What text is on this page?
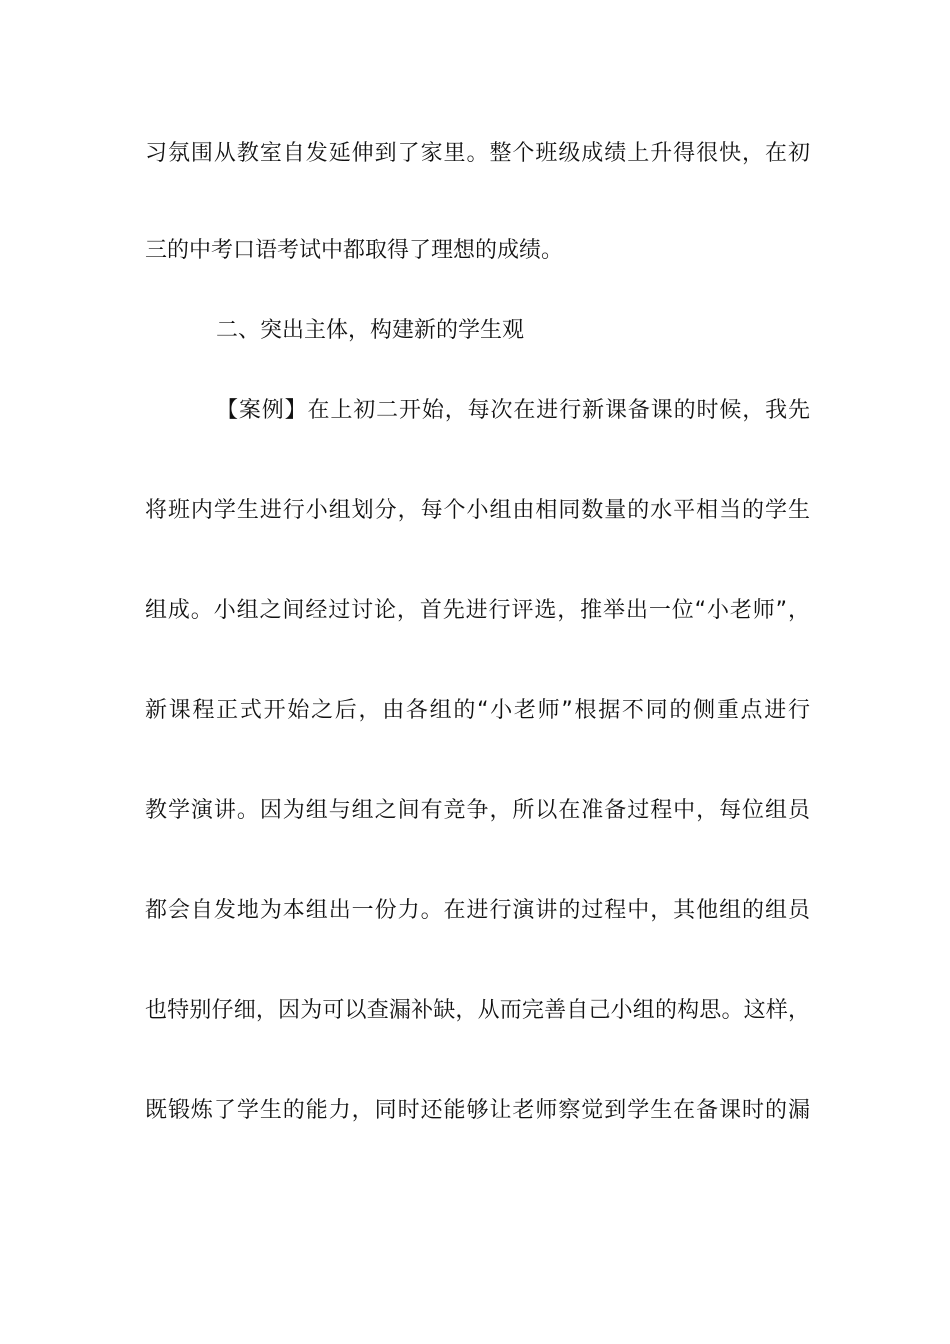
习氛围从教室自发延伸到了家里。整个班级成绩上升得很快，在初
三的中考口语考试中都取得了理想的成绩。
二、突出主体，构建新的学生观
【案例】在上初二开始，每次在进行新课备课的时候，我先
将班内学生进行小组划分，每个小组由相同数量的水平相当的学生
组成。小组之间经过讨论，首先进行评选，推举出一位“小老师”，
新课程正式开始之后，由各组的“小老师”根据不同的侧重点进行
教学演讲。因为组与组之间有竞争，所以在准备过程中，每位组员
都会自发地为本组出一份力。在进行演讲的过程中，其他组的组员
也特别仔细，因为可以查漏补缺，从而完善自己小组的构思。这样，
既锻炼了学生的能力，同时还能够让老师察觉到学生在备课时的漏
